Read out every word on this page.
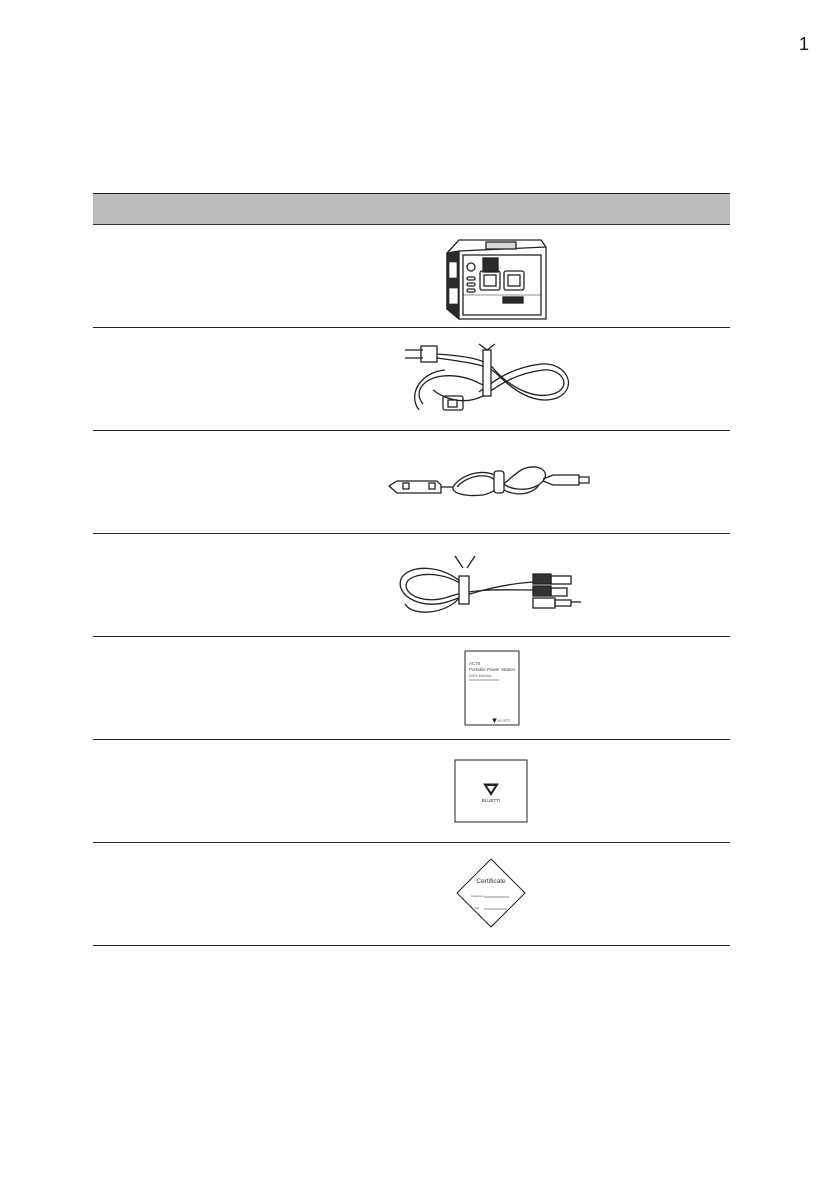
1
AC70
Portable Power Station
USER MANUAL
BLUETTI
BLUETTI
Certificate
Inspection
QC
